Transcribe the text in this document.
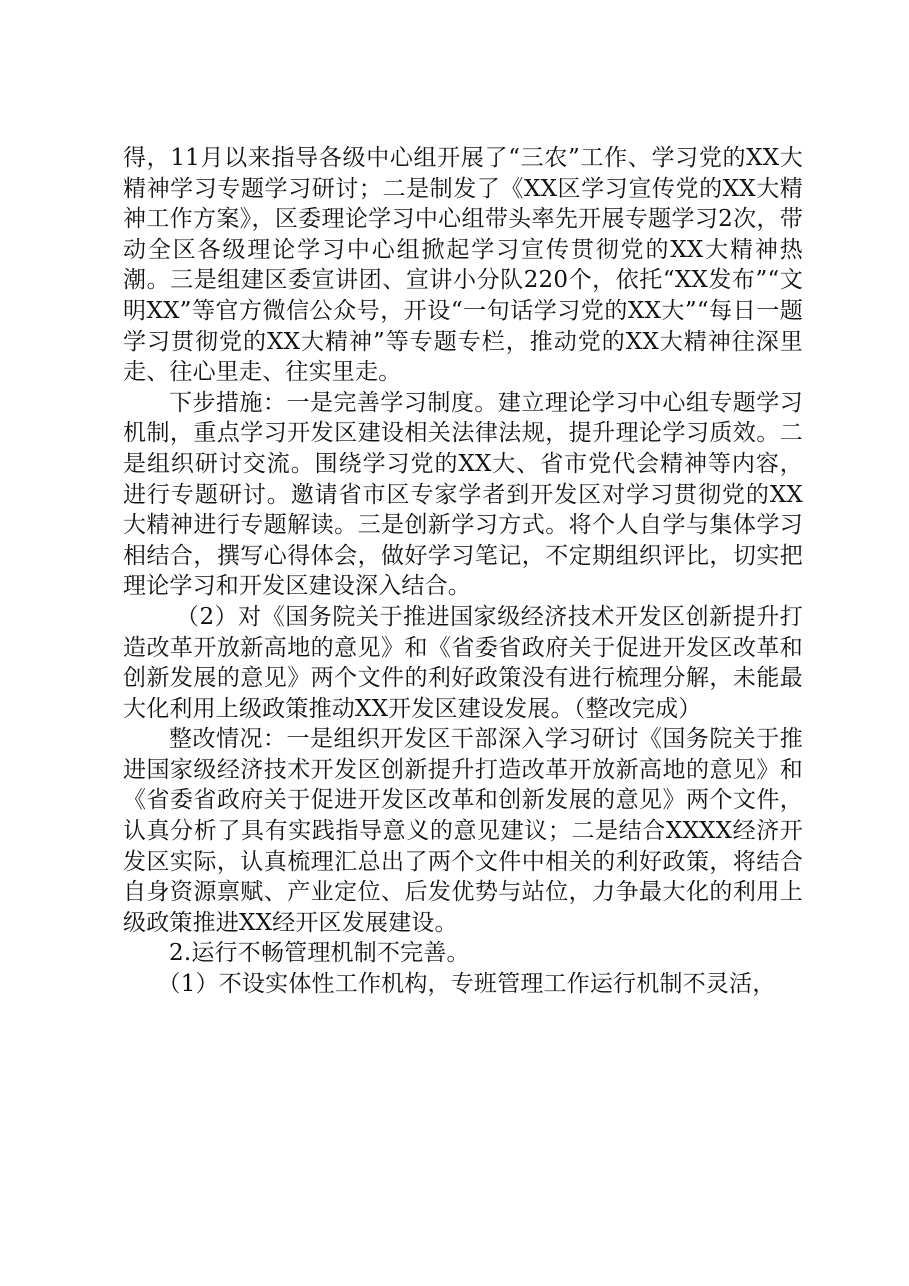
得，11月以来指导各级中心组开展了“三农”工作、学习党的XX大精神学习专题学习研讨；二是制发了《XX区学习宣传党的XX大精神工作方案》，区委理论学习中心组带头率先开展专题学习2次，带动全区各级理论学习中心组掀起学习宣传贯彻党的XX大精神热潮。三是组建区委宣讲团、宣讲小分队220个，依托“XX发布”“文明XX”等官方微信公众号，开设“一句话学习党的XX大”“每日一题学习贯彻党的XX大精神”等专题专栏，推动党的XX大精神往深里走、往心里走、往实里走。

下步措施：一是完善学习制度。建立理论学习中心组专题学习机制，重点学习开发区建设相关法律法规，提升理论学习质效。二是组织研讨交流。围绕学习党的XX大、省市党代会精神等内容，进行专题研讨。邀请省市区专家学者到开发区对学习贯彻党的XX大精神进行专题解读。三是创新学习方式。将个人自学与集体学习相结合，撰写心得体会，做好学习笔记，不定期组织评比，切实把理论学习和开发区建设深入结合。

（2）对《国务院关于推进国家级经济技术开发区创新提升打造改革开放新高地的意见》和《省委省政府关于促进开发区改革和创新发展的意见》两个文件的利好政策没有进行梳理分解，未能最大化利用上级政策推动XX开发区建设发展。（整改完成）

整改情况：一是组织开发区干部深入学习研讨《国务院关于推进国家级经济技术开发区创新提升打造改革开放新高地的意见》和《省委省政府关于促进开发区改革和创新发展的意见》两个文件，认真分析了具有实践指导意义的意见建议；二是结合XXXX经济开发区实际，认真梳理汇总出了两个文件中相关的利好政策，将结合自身资源禀赋、产业定位、后发优势与站位，力争最大化的利用上级政策推进XX经开区发展建设。

2.运行不畅管理机制不完善。

（1）不设实体性工作机构，专班管理工作运行机制不灵活，
